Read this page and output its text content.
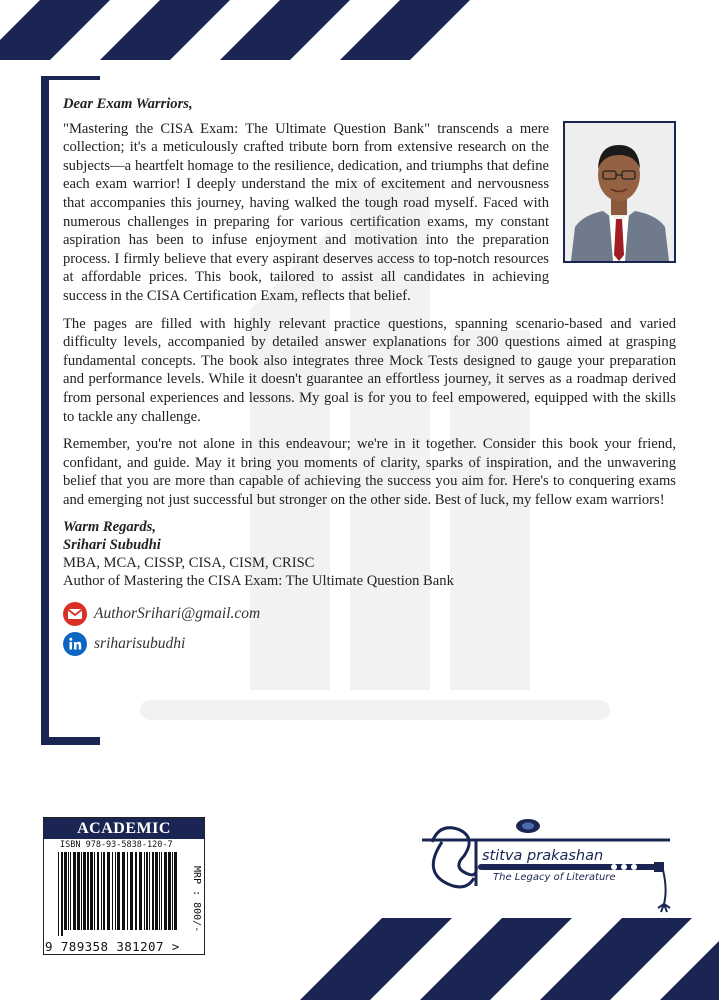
Dear Exam Warriors,

"Mastering the CISA Exam: The Ultimate Question Bank" transcends a mere collection; it's a meticulously crafted tribute born from extensive research on the subjects—a heartfelt homage to the resilience, dedication, and triumphs that define each exam warrior! I deeply understand the mix of excitement and nervousness that accompanies this journey, having walked the tough road myself. Faced with numerous challenges in preparing for various certification exams, my constant aspiration has been to infuse enjoyment and motivation into the preparation process. I firmly believe that every aspirant deserves access to top-notch resources at affordable prices. This book, tailored to assist all candidates in achieving success in the CISA Certification Exam, reflects that belief.

The pages are filled with highly relevant practice questions, spanning scenario-based and varied difficulty levels, accompanied by detailed answer explanations for 300 questions aimed at grasping fundamental concepts. The book also integrates three Mock Tests designed to gauge your preparation and performance levels. While it doesn't guarantee an effortless journey, it serves as a roadmap derived from personal experiences and lessons. My goal is for you to feel empowered, equipped with the skills to tackle any challenge.

Remember, you're not alone in this endeavour; we're in it together. Consider this book your friend, confidant, and guide. May it bring you moments of clarity, sparks of inspiration, and the unwavering belief that you are more than capable of achieving the success you aim for. Here's to conquering exams and emerging not just successful but stronger on the other side. Best of luck, my fellow exam warriors!

Warm Regards,
Srihari Subudhi
MBA, MCA, CISSP, CISA, CISM, CRISC
Author of Mastering the CISA Exam: The Ultimate Question Bank
AuthorSrihari@gmail.com
sriharisubudhi
ACADEMIC
ISBN 978-93-5838-120-7
MRP : 800/-
9 789358 381207 >
stitva prakashan
The Legacy of Literature
